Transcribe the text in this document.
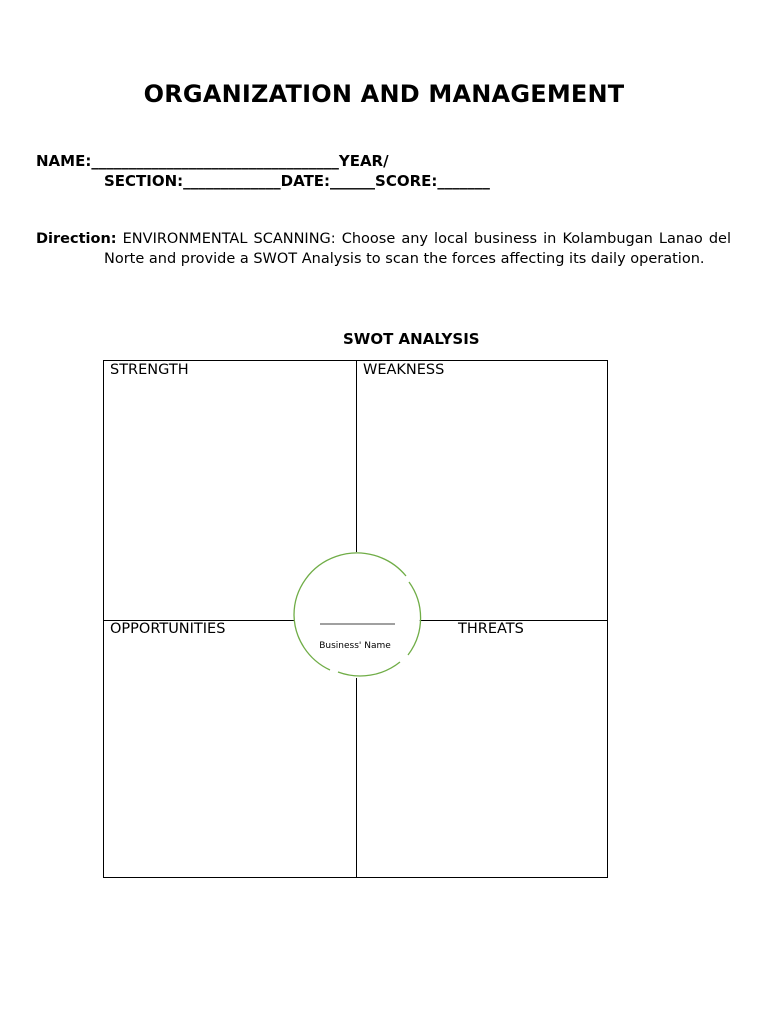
ORGANIZATION AND MANAGEMENT
NAME:_________________________________YEAR/
SECTION:_____________DATE:______SCORE:_______
Direction: ENVIRONMENTAL SCANNING: Choose any local business in Kolambugan Lanao del Norte and provide a SWOT Analysis to scan the forces affecting its daily operation.
SWOT ANALYSIS
STRENGTH	WEAKNESS
OPPORTUNITIES	THREATS
Business' Name
